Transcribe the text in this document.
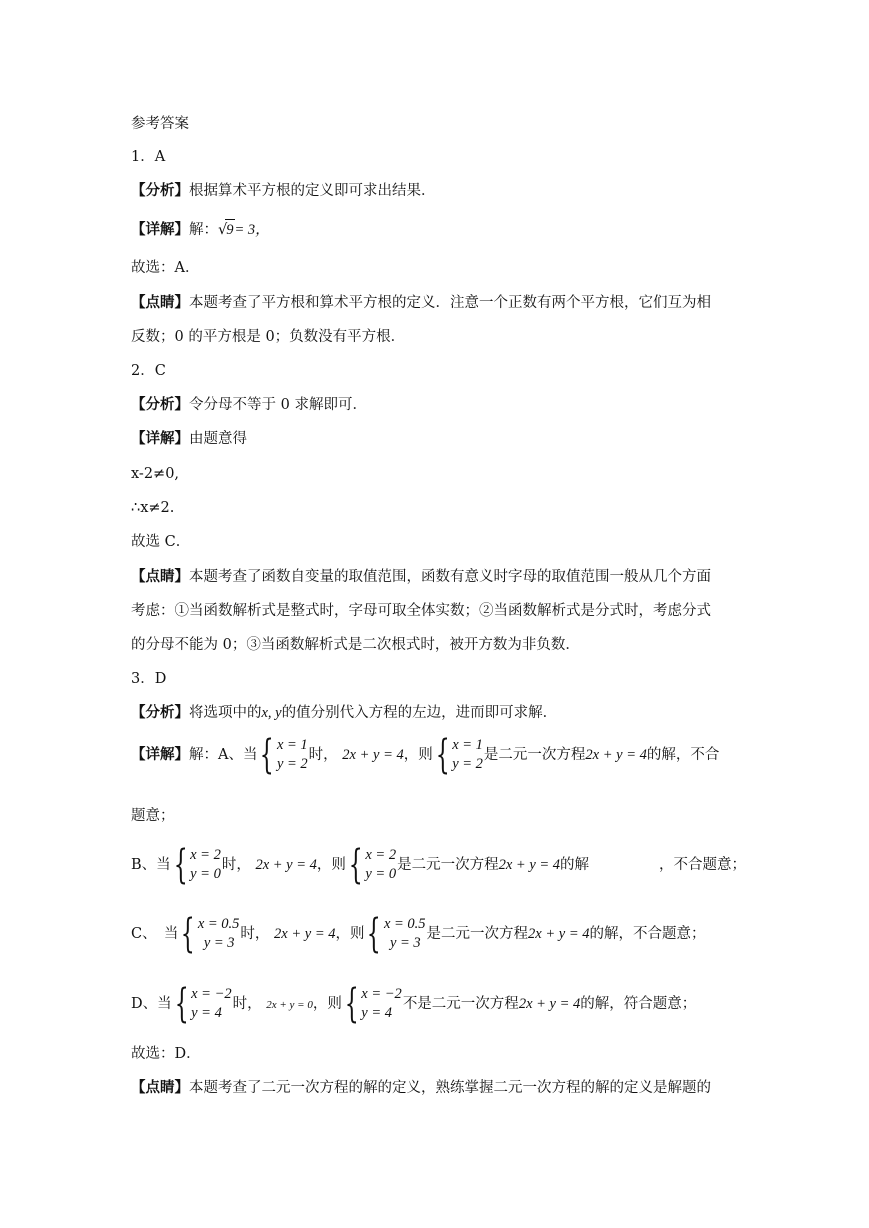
参考答案
1．A
【分析】根据算术平方根的定义即可求出结果．
【详解】解：√9= 3，
故选：A．
【点睛】本题考查了平方根和算术平方根的定义．注意一个正数有两个平方根，它们互为相
反数；0 的平方根是 0；负数没有平方根．
2．C
【分析】令分母不等于 0 求解即可．
【详解】由题意得
x-2≠0,
∴x≠2.
故选 C．
【点睛】本题考查了函数自变量的取值范围，函数有意义时字母的取值范围一般从几个方面
考虑：①当函数解析式是整式时，字母可取全体实数；②当函数解析式是分式时，考虑分式
的分母不能为 0；③当函数解析式是二次根式时，被开方数为非负数．
3．D
【分析】将选项中的x, y的值分别代入方程的左边，进而即可求解．
【详解】解：A、当 { x = 1
y = 2
时， 2x + y = 4，则 { x = 1
y = 2
是二元一次方程2x + y = 4的解，不合
题意；
B、当 { x = 2
y = 0
时， 2x + y = 4，则 { x = 2
y = 0
是二元一次方程2x + y = 4的解	，不合题意；
C、　当 { x = 0.5
y = 3
时， 2x + y = 4，则 { x = 0.5
y = 3
是二元一次方程2x + y = 4的解，不合题意；
D、当 { x = −2
y = 4
时， 2x + y = 0，则 { x = −2
y = 4
不是二元一次方程2x + y = 4的解，符合题意；
故选：D．
【点睛】本题考查了二元一次方程的解的定义，熟练掌握二元一次方程的解的定义是解题的
